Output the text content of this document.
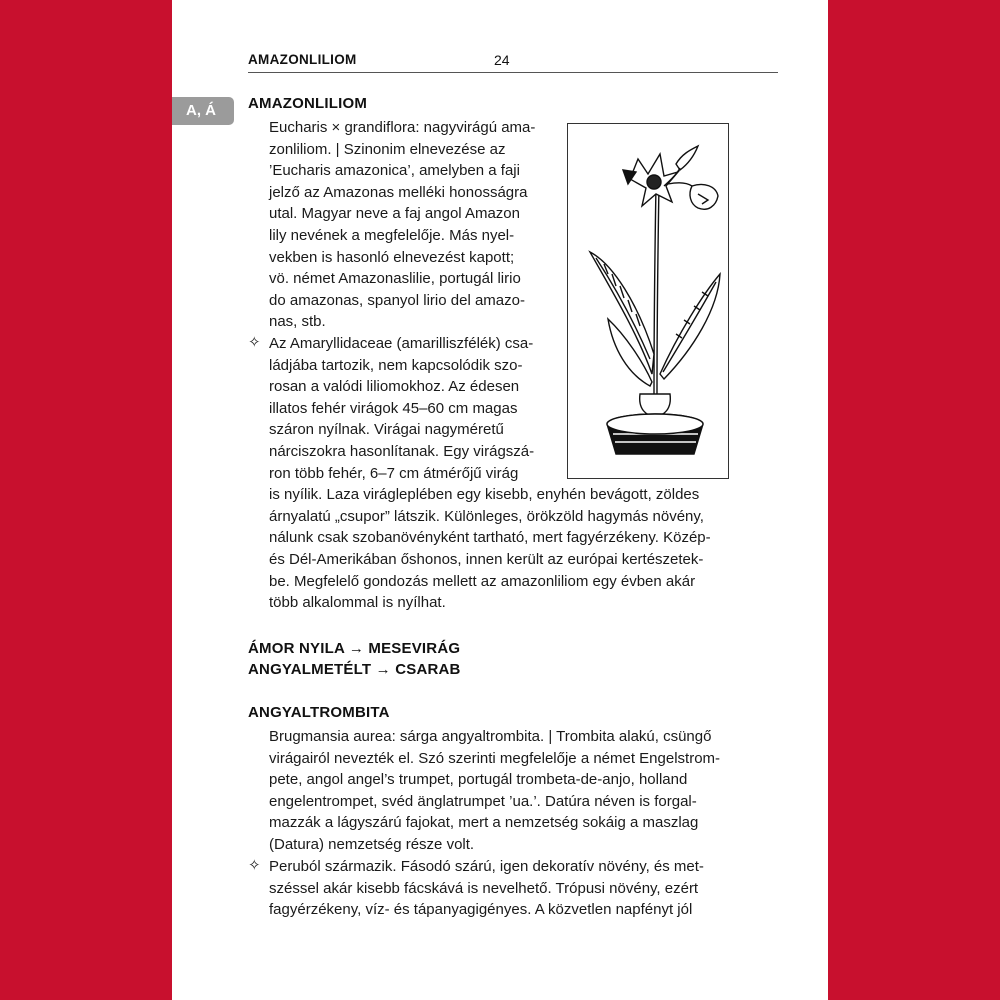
AMAZONLILIOM	24
A, Á	AMAZONLILIOM
Eucharis × grandiflora: nagyvirágú ama-
zonliliom. | Szinonim elnevezése az
’Eucharis amazonica’, amelyben a faji
jelző az Amazonas melléki honosságra
utal. Magyar neve a faj angol Amazon
lily nevének a megfelelője. Más nyel-
vekben is hasonló elnevezést kapott;
vö. német Amazonaslilie, portugál lirio
do amazonas, spanyol lirio del amazo-
nas, stb.
✧ Az Amaryllidaceae (amarilliszfélék) csa-
ládjába tartozik, nem kapcsolódik szo-
rosan a valódi liliomokhoz. Az édesen
illatos fehér virágok 45–60 cm magas
száron nyílnak. Virágai nagyméretű
nárciszokra hasonlítanak. Egy virágszá-
ron több fehér, 6–7 cm átmérőjű virág
is nyílik. Laza virágleplében egy kisebb, enyhén bevágott, zöldes
árnyalatú „csupor” látszik. Különleges, örökzöld hagymás növény,
nálunk csak szobanövényként tartható, mert fagyérzékeny. Közép-
és Dél-Amerikában őshonos, innen került az európai kertészetek-
be. Megfelelő gondozás mellett az amazonliliom egy évben akár
több alkalommal is nyílhat.
ÁMOR NYILA → MESEVIRÁG
ANGYALMETÉLT → CSARAB
ANGYALTROMBITA
Brugmansia aurea: sárga angyaltrombita. | Trombita alakú, csüngő
virágairól nevezték el. Szó szerinti megfelelője a német Engelstrom-
pete, angol angel’s trumpet, portugál trombeta-de-anjo, holland
engelentrompet, svéd änglatrumpet ’ua.’. Datúra néven is forgal-
mazzák a lágyszárú fajokat, mert a nemzetség sokáig a maszlag
(Datura) nemzetség része volt.
✧ Peruból származik. Fásodó szárú, igen dekoratív növény, és met-
széssel akár kisebb fácskává is nevelhető. Trópusi növény, ezért
fagyérzékeny, víz- és tápanyagigényes. A közvetlen napfényt jól
